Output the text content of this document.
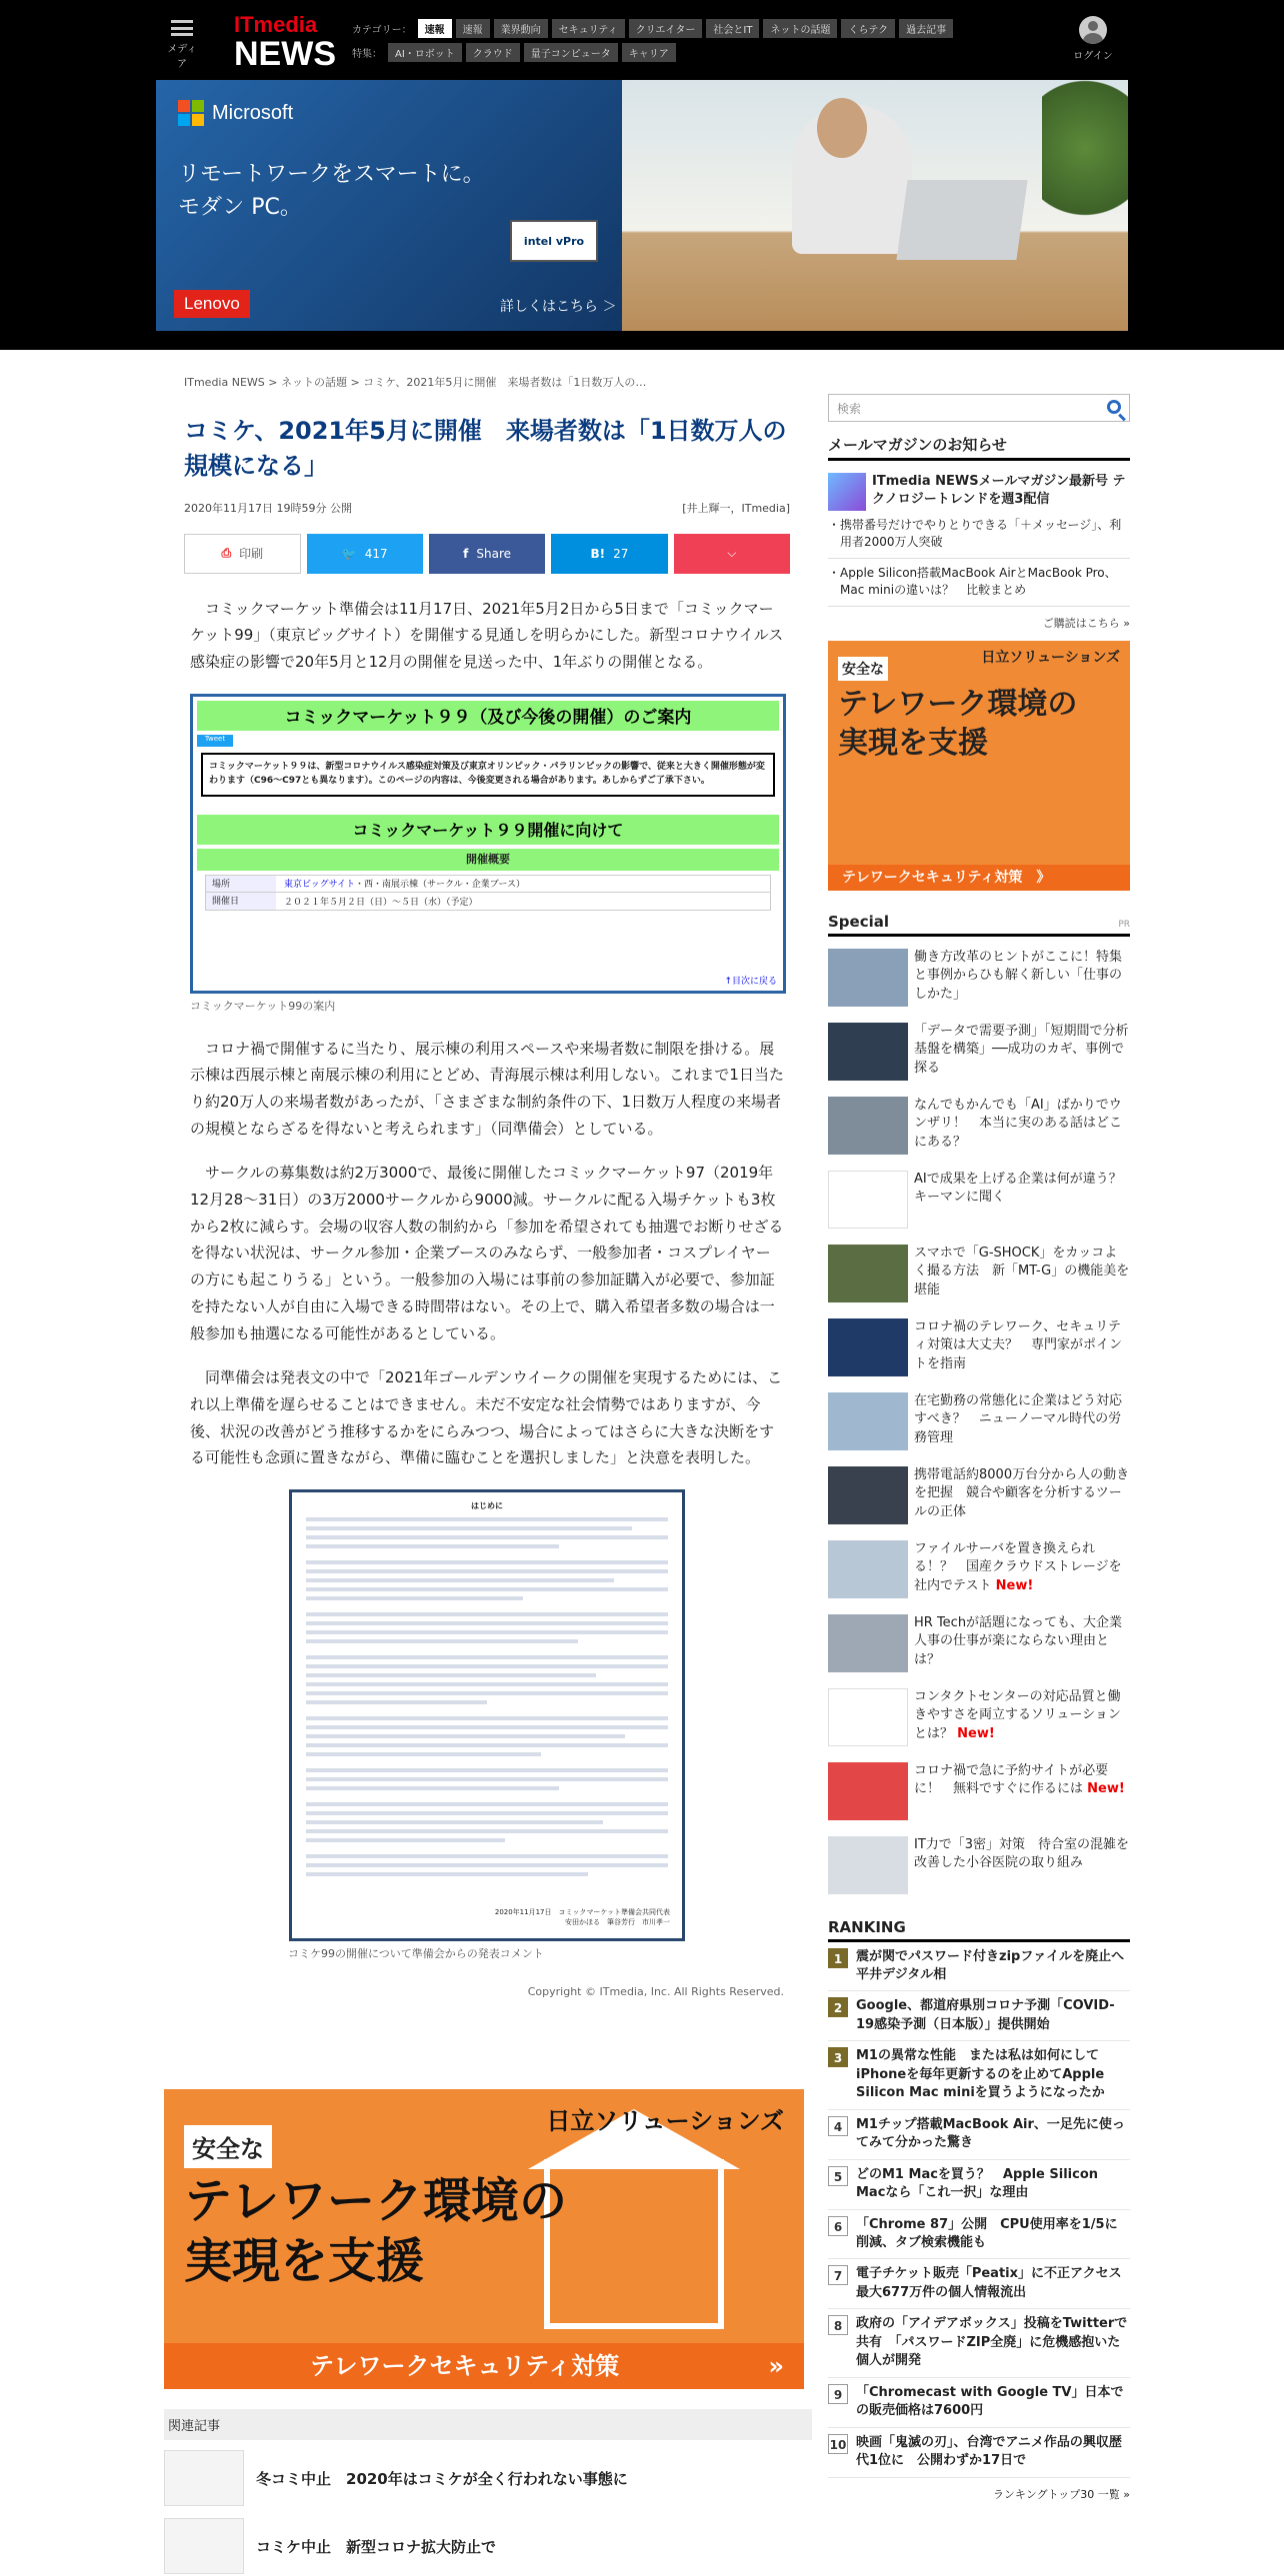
メディア
ITmedia
NEWS
カテゴリー：	速報	速報	業界動向	セキュリティ	クリエイター	社会とIT	ネットの話題	くらテク	過去記事
特集：	AI・ロボット	クラウド	量子コンピュータ	キャリア	ログイン
Microsoft
リモートワークをスマートに。
モダン PC。
intel vPro
Lenovo	詳しくはこちら ＞
ITmedia NEWS > ネットの話題 > コミケ、2021年5月に開催　来場者数は「1日数万人の…
コミケ、2021年5月に開催　来場者数は「1日数万人の規模になる」
2020年11月17日 19時59分 公開	[井上輝一，ITmedia]
⎙ 印刷	🐦 417	f Share	B! 27	⌵

コミックマーケット準備会は11月17日、2021年5月2日から5日まで「コミックマーケット99」（東京ビッグサイト）を開催する見通しを明らかにした。新型コロナウイルス感染症の影響で20年5月と12月の開催を見送った中、1年ぶりの開催となる。

コミックマーケット９９（及び今後の開催）のご案内
Tweet
コミックマーケット９９は、新型コロナウイルス感染症対策及び東京オリンピック・パラリンピックの影響で、従来と大きく開催形態が変わります（C96～C97とも異なります）。このページの内容は、今後変更される場合があります。あしからずご了承下さい。
コミックマーケット９９開催に向けて
開催概要
場所	東京ビッグサイト・西・南展示棟（サークル・企業ブース）
開催日	２０２１年５月２日（日）～５日（水）（予定）
↑目次に戻る
コミックマーケット99の案内

コロナ禍で開催するに当たり、展示棟の利用スペースや来場者数に制限を掛ける。展示棟は西展示棟と南展示棟の利用にとどめ、青海展示棟は利用しない。これまで1日当たり約20万人の来場者数があったが、「さまざまな制約条件の下、1日数万人程度の来場者の規模とならざるを得ないと考えられます」（同準備会）としている。

サークルの募集数は約2万3000で、最後に開催したコミックマーケット97（2019年12月28～31日）の3万2000サークルから9000減。サークルに配る入場チケットも3枚から2枚に減らす。会場の収容人数の制約から「参加を希望されても抽選でお断りせざるを得ない状況は、サークル参加・企業ブースのみならず、一般参加者・コスプレイヤーの方にも起こりうる」という。一般参加の入場には事前の参加証購入が必要で、参加証を持たない人が自由に入場できる時間帯はない。その上で、購入希望者多数の場合は一般参加も抽選になる可能性があるとしている。

同準備会は発表文の中で「2021年ゴールデンウイークの開催を実現するためには、これ以上準備を遅らせることはできません。未だ不安定な社会情勢ではありますが、今後、状況の改善がどう推移するかをにらみつつ、場合によってはさらに大きな決断をする可能性も念頭に置きながら、準備に臨むことを選択しました」と決意を表明した。

はじめに
2020年11月17日　コミックマーケット準備会共同代表
安田かほる　筆谷芳行　市川孝一
コミケ99の開催について準備会からの発表コメント
Copyright © ITmedia, Inc. All Rights Reserved.
日立ソリューションズ
安全な
テレワーク環境の
実現を支援
テレワークセキュリティ対策	»
関連記事
冬コミ中止　2020年はコミケが全く行われない事態に
コミケ中止　新型コロナ拡大防止で
検索
メールマガジンのお知らせ
ITmedia NEWSメールマガジン最新号 テクノロジートレンドを週3配信
・ 携帯番号だけでやりとりできる「＋メッセージ」、利用者2000万人突破
・ Apple Silicon搭載MacBook AirとMacBook Pro、Mac miniの違いは？　比較まとめ
ご購読はこちら »
日立ソリューションズ
安全な
テレワーク環境の
実現を支援
テレワークセキュリティ対策　》
Special	PR
働き方改革のヒントがここに！特集と事例からひも解く新しい「仕事のしかた」
「データで需要予測」「短期間で分析基盤を構築」──成功のカギ、事例で探る
なんでもかんでも「AI」ばかりでウンザリ！　本当に実のある話はどこにある？
AIで成果を上げる企業は何が違う？　キーマンに聞く
スマホで「G-SHOCK」をカッコよく撮る方法　新「MT-G」の機能美を堪能
コロナ禍のテレワーク、セキュリティ対策は大丈夫？　専門家がポイントを指南
在宅勤務の常態化に企業はどう対応すべき？　ニューノーマル時代の労務管理
携帯電話約8000万台分から人の動きを把握　競合や顧客を分析するツールの正体
ファイルサーバを置き換えられる！？　国産クラウドストレージを社内でテスト New!
HR Techが話題になっても、大企業人事の仕事が楽にならない理由とは？
コンタクトセンターの対応品質と働きやすさを両立するソリューションとは？ New!
コロナ禍で急に予約サイトが必要に！　無料ですぐに作るには New!
IT力で「3密」対策　待合室の混雑を改善した小谷医院の取り組み
RANKING
1	震が関でパスワード付きzipファイルを廃止へ　平井デジタル相
2	Google、都道府県別コロナ予測「COVID-19感染予測（日本版）」提供開始
3	M1の異常な性能　または私は如何にしてiPhoneを毎年更新するのを止めてApple Silicon Mac miniを買うようになったか
4	M1チップ搭載MacBook Air、一足先に使ってみて分かった驚き
5	どのM1 Macを買う？　Apple Silicon Macなら「これ一択」な理由
6	「Chrome 87」公開　CPU使用率を1/5に削減、タブ検索機能も
7	電子チケット販売「Peatix」に不正アクセス　最大677万件の個人情報流出
8	政府の「アイデアボックス」投稿をTwitterで共有　「パスワードZIP全廃」に危機感抱いた個人が開発
9	「Chromecast with Google TV」日本での販売価格は7600円
10 映画「鬼滅の刃」、台湾でアニメ作品の興収歴代1位に　公開わずか17日で
ランキングトップ30 一覧 »
